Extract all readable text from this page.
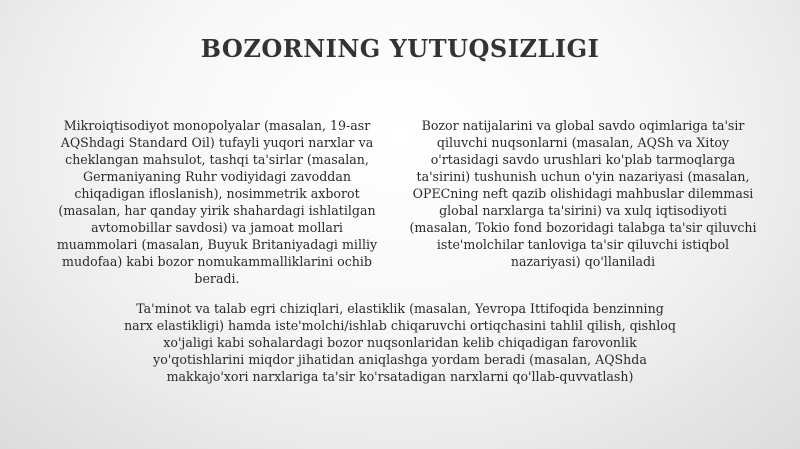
BOZORNING YUTUQSIZLIGI
Mikroiqtisodiyot monopolyalar (masalan, 19-asr AQShdagi Standard Oil) tufayli yuqori narxlar va cheklangan mahsulot, tashqi ta'sirlar (masalan, Germaniyaning Ruhr vodiyidagi zavoddan chiqadigan ifloslanish), nosimmetrik axborot (masalan, har qanday yirik shahardagi ishlatilgan avtomobillar savdosi) va jamoat mollari muammolari (masalan, Buyuk Britaniyadagi milliy mudofaa) kabi bozor nomukammalliklarini ochib beradi.
Bozor natijalarini va global savdo oqimlariga ta'sir qiluvchi nuqsonlarni (masalan, AQSh va Xitoy o'rtasidagi savdo urushlari ko'plab tarmoqlarga ta'sirini) tushunish uchun o'yin nazariyasi (masalan, OPECning neft qazib olishidagi mahbuslar dilemmasi global narxlarga ta'sirini) va xulq iqtisodiyoti (masalan, Tokio fond bozoridagi talabga ta'sir qiluvchi iste'molchilar tanloviga ta'sir qiluvchi istiqbol nazariyasi) qo'llaniladi
Ta'minot va talab egri chiziqlari, elastiklik (masalan, Yevropa Ittifoqida benzinning narx elastikligi) hamda iste'molchi/ishlab chiqaruvchi ortiqchasini tahlil qilish, qishloq xo'jaligi kabi sohalardagi bozor nuqsonlaridan kelib chiqadigan farovonlik yo'qotishlarini miqdor jihatidan aniqlashga yordam beradi (masalan, AQShda makkajo'xori narxlariga ta'sir ko'rsatadigan narxlarni qo'llab-quvvatlash)
